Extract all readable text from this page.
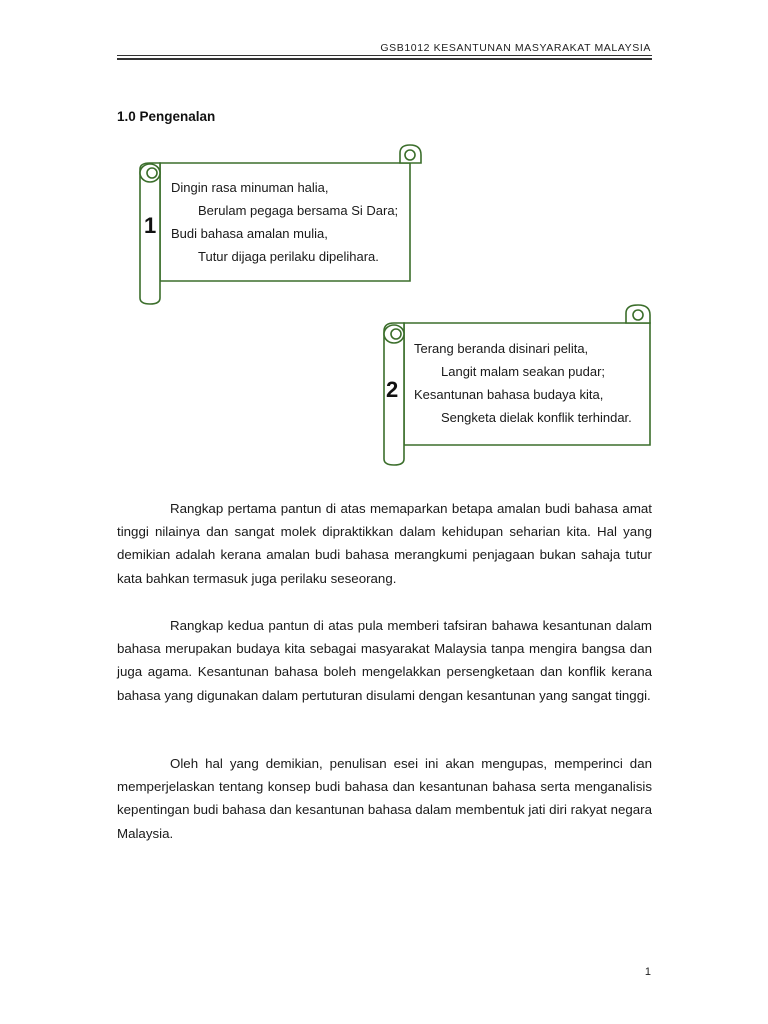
GSB1012 KESANTUNAN MASYARAKAT MALAYSIA
1.0 Pengenalan
1
Dingin rasa minuman halia,
Berulam pegaga bersama Si Dara;
Budi bahasa amalan mulia,
Tutur dijaga perilaku dipelihara.
2
Terang beranda disinari pelita,
Langit malam seakan pudar;
Kesantunan bahasa budaya kita,
Sengketa dielak konflik terhindar.

Rangkap pertama pantun di atas memaparkan betapa amalan budi bahasa amat tinggi nilainya dan sangat molek dipraktikkan dalam kehidupan seharian kita. Hal yang demikian adalah kerana amalan budi bahasa merangkumi penjagaan bukan sahaja tutur kata bahkan termasuk juga perilaku seseorang.

Rangkap kedua pantun di atas pula memberi tafsiran bahawa kesantunan dalam bahasa merupakan budaya kita sebagai masyarakat Malaysia tanpa mengira bangsa dan juga agama. Kesantunan bahasa boleh mengelakkan persengketaan dan konflik kerana bahasa yang digunakan dalam pertuturan disulami dengan kesantunan yang sangat tinggi.

Oleh hal yang demikian, penulisan esei ini akan mengupas, memperinci dan memperjelaskan tentang konsep budi bahasa dan kesantunan bahasa serta menganalisis kepentingan budi bahasa dan kesantunan bahasa dalam membentuk jati diri rakyat negara Malaysia.

1
